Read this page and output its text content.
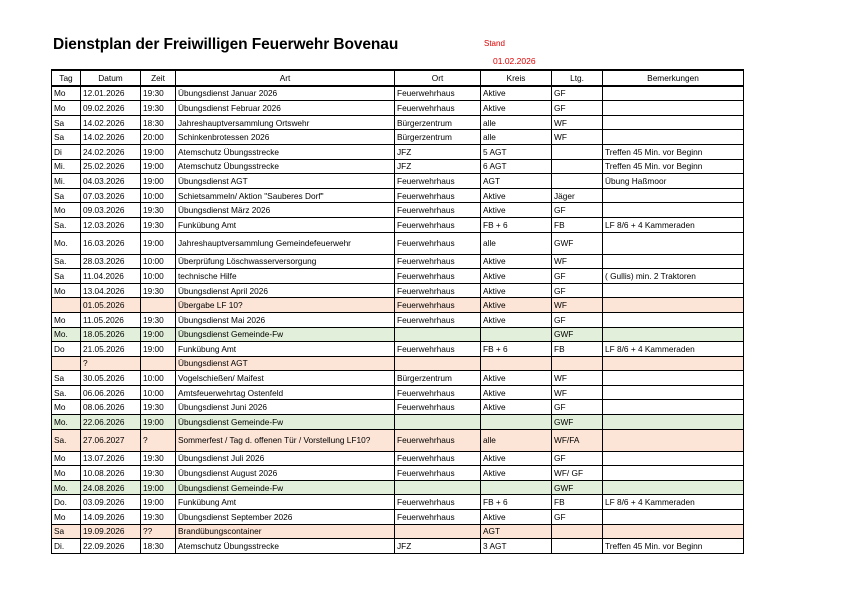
Dienstplan der Freiwilligen Feuerwehr Bovenau	Stand
01.02.2026
Tag	Datum	Zeit	Art	Ort	Kreis	Ltg.	Bemerkungen
Mo	12.01.2026	19:30	Übungsdienst Januar 2026	Feuerwehrhaus	Aktive	GF	
Mo	09.02.2026	19:30	Übungsdienst Februar 2026	Feuerwehrhaus	Aktive	GF	
Sa	14.02.2026	18:30	Jahreshauptversammlung Ortswehr	Bürgerzentrum	alle	WF	
Sa	14.02.2026	20:00	Schinkenbrotessen 2026	Bürgerzentrum	alle	WF	
Di	24.02.2026	19:00	Atemschutz Übungsstrecke	JFZ	5 AGT		Treffen 45 Min. vor Beginn
Mi.	25.02.2026	19:00	Atemschutz Übungsstrecke	JFZ	6 AGT		Treffen 45 Min. vor Beginn
Mi.	04.03.2026	19:00	Übungsdienst AGT	Feuerwehrhaus	AGT		Übung Haßmoor
Sa	07.03.2026	10:00	Schietsammeln/ Aktion "Sauberes Dorf"	Feuerwehrhaus	Aktive	Jäger	
Mo	09.03.2026	19:30	Übungsdienst März 2026	Feuerwehrhaus	Aktive	GF	
Sa.	12.03.2026	19:30	Funkübung Amt	Feuerwehrhaus	FB + 6	FB	LF 8/6 + 4 Kammeraden
Mo.	16.03.2026	19:00	Jahreshauptversammlung Gemeindefeuerwehr	Feuerwehrhaus	alle	GWF	
Sa.	28.03.2026	10:00	Überprüfung Löschwasserversorgung	Feuerwehrhaus	Aktive	WF	
Sa	11.04.2026	10:00	technische Hilfe	Feuerwehrhaus	Aktive	GF	( Gullis) min. 2 Traktoren
Mo	13.04.2026	19:30	Übungsdienst April 2026	Feuerwehrhaus	Aktive	GF	
	01.05.2026		Übergabe LF 10?	Feuerwehrhaus	Aktive	WF	
Mo	11.05.2026	19:30	Übungsdienst Mai 2026	Feuerwehrhaus	Aktive	GF	
Mo.	18.05.2026	19:00	Übungsdienst Gemeinde-Fw			GWF	
Do	21.05.2026	19:00	Funkübung Amt	Feuerwehrhaus	FB + 6	FB	LF 8/6 + 4 Kammeraden
	?		Übungsdienst AGT				
Sa	30.05.2026	10:00	Vogelschießen/ Maifest	Bürgerzentrum	Aktive	WF	
Sa.	06.06.2026	10:00	Amtsfeuerwehrtag Ostenfeld	Feuerwehrhaus	Aktive	WF	
Mo	08.06.2026	19:30	Übungsdienst Juni 2026	Feuerwehrhaus	Aktive	GF	
Mo.	22.06.2026	19:00	Übungsdienst Gemeinde-Fw			GWF	
Sa.	27.06.2027	?	Sommerfest / Tag d. offenen Tür / Vorstellung LF10?	Feuerwehrhaus	alle	WF/FA	
Mo	13.07.2026	19:30	Übungsdienst Juli 2026	Feuerwehrhaus	Aktive	GF	
Mo	10.08.2026	19:30	Übungsdienst August 2026	Feuerwehrhaus	Aktive	WF/ GF	
Mo.	24.08.2026	19:00	Übungsdienst Gemeinde-Fw			GWF	
Do.	03.09.2026	19:00	Funkübung Amt	Feuerwehrhaus	FB + 6	FB	LF 8/6 + 4 Kammeraden
Mo	14.09.2026	19:30	Übungsdienst September 2026	Feuerwehrhaus	Aktive	GF	
Sa	19.09.2026	??	Brandübungscontainer		AGT		
Di.	22.09.2026	18:30	Atemschutz Übungsstrecke	JFZ	3 AGT		Treffen 45 Min. vor Beginn
